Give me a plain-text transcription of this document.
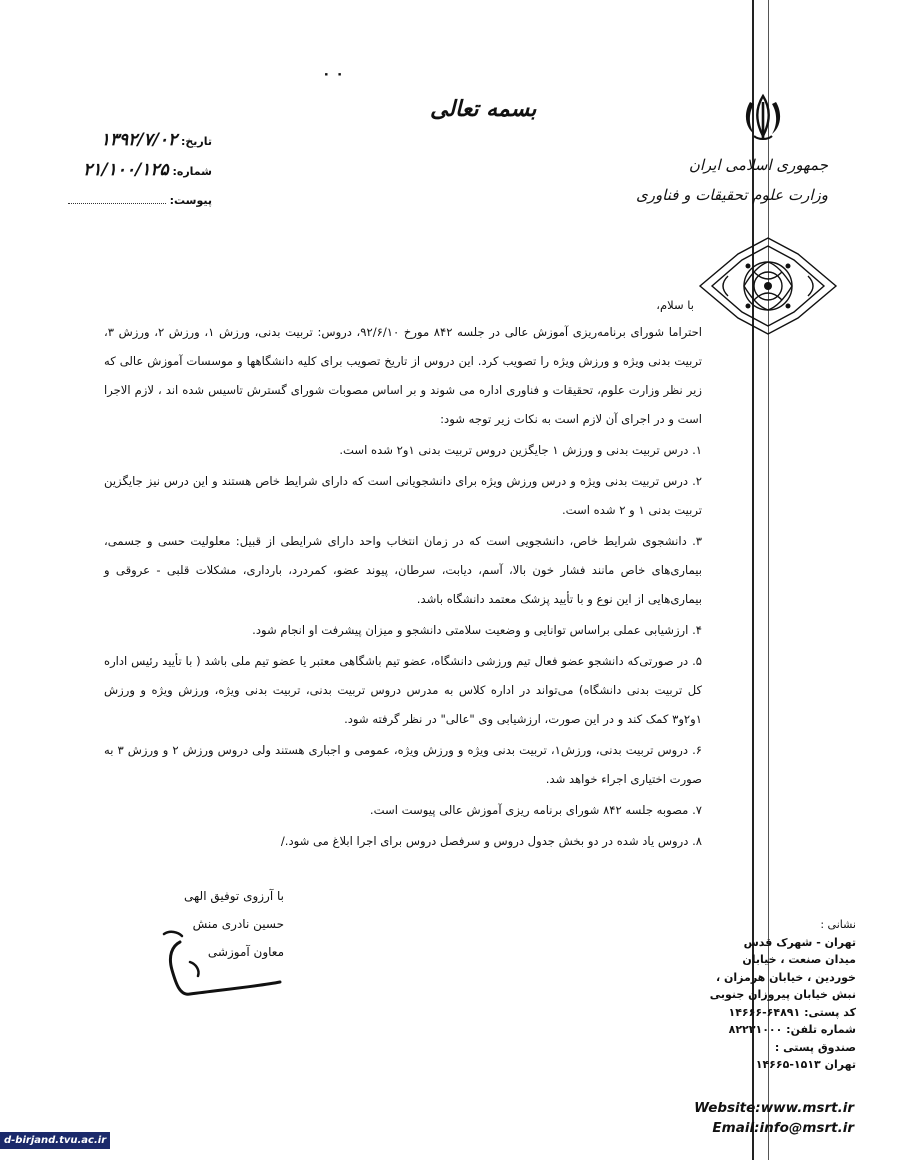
جمهوری اسلامی ایران
وزارت علوم تحقیقات و فناوری
٠ ٠
بسمه تعالی
تاریخ: ۱۳۹۲/۷/۰۲
شماره: ۲۱/۱۰۰/۱۲۵
پیوست:
با سلام،

احتراما شورای برنامه‌ریزی آموزش عالی در جلسه ۸۴۲ مورخ ۹۲/۶/۱۰، دروس: تربیت بدنی، ورزش ۱، ورزش ۲، ورزش ۳، تربیت بدنی ویژه و ورزش ویژه را تصویب کرد. این دروس از تاریخ تصویب برای کلیه دانشگاهها و موسسات آموزش عالی که زیر نظر وزارت علوم، تحقیقات و فناوری اداره می شوند و بر اساس مصوبات شورای گسترش تاسیس شده اند ، لازم الاجرا است و در اجرای آن لازم است به نکات زیر توجه شود:

۱. درس تربیت بدنی و ورزش ۱ جایگزین دروس تربیت بدنی ۱و۲ شده است.

۲. درس تربیت بدنی ویژه و درس ورزش ویژه برای دانشجویانی است که دارای شرایط خاص هستند و این درس نیز جایگزین تربیت بدنی ۱ و ۲ شده است.

۳. دانشجوی شرایط خاص، دانشجویی است که در زمان انتخاب واحد دارای شرایطی از قبیل: معلولیت حسی و جسمی، بیماری‌های خاص مانند فشار خون بالا، آسم، دیابت، سرطان، پیوند عضو، کمردرد، بارداری، مشکلات قلبی - عروقی و بیماری‌هایی از این نوع و با تأیید پزشک معتمد دانشگاه باشد.

۴. ارزشیابی عملی براساس توانایی و وضعیت سلامتی دانشجو و میزان پیشرفت او انجام شود.

۵. در صورتی‌که دانشجو عضو فعال تیم ورزشی دانشگاه، عضو تیم باشگاهی معتبر یا عضو تیم ملی باشد ( با تأیید رئیس اداره کل تربیت بدنی دانشگاه) می‌تواند در اداره کلاس به مدرس دروس تربیت بدنی، تربیت بدنی ویژه، ورزش ویژه و ورزش ۱و۲و۳ کمک کند و در این صورت، ارزشیابی وی "عالی" در نظر گرفته شود.

۶. دروس تربیت بدنی، ورزش۱، تربیت بدنی ویژه و ورزش ویژه، عمومی و اجباری هستند ولی دروس ورزش ۲ و ورزش ۳ به صورت اختیاری اجراء خواهد شد.

۷. مصوبه جلسه ۸۴۲ شورای برنامه ریزی آموزش عالی پیوست است.

۸. دروس یاد شده در دو بخش جدول دروس و سرفصل دروس برای اجرا ابلاغ می شود./

با آرزوی توفیق الهی
حسین نادری منش
معاون آموزشی
نشانی :
تهران - شهرک قدس
میدان صنعت ، خیابان
خوردین ، خیابان هرمزان ،
نبش خیابان پیروزان جنوبی
کد پستی: ۶۴۸۹۱-۱۴۶۶۶
شماره تلفن: ۸۲۲۳۱۰۰۰
صندوق پستی :
تهران ۱۵۱۳-۱۴۶۶۵
Website:www.msrt.ir
Email:info@msrt.ir
d-birjand.tvu.ac.ir
